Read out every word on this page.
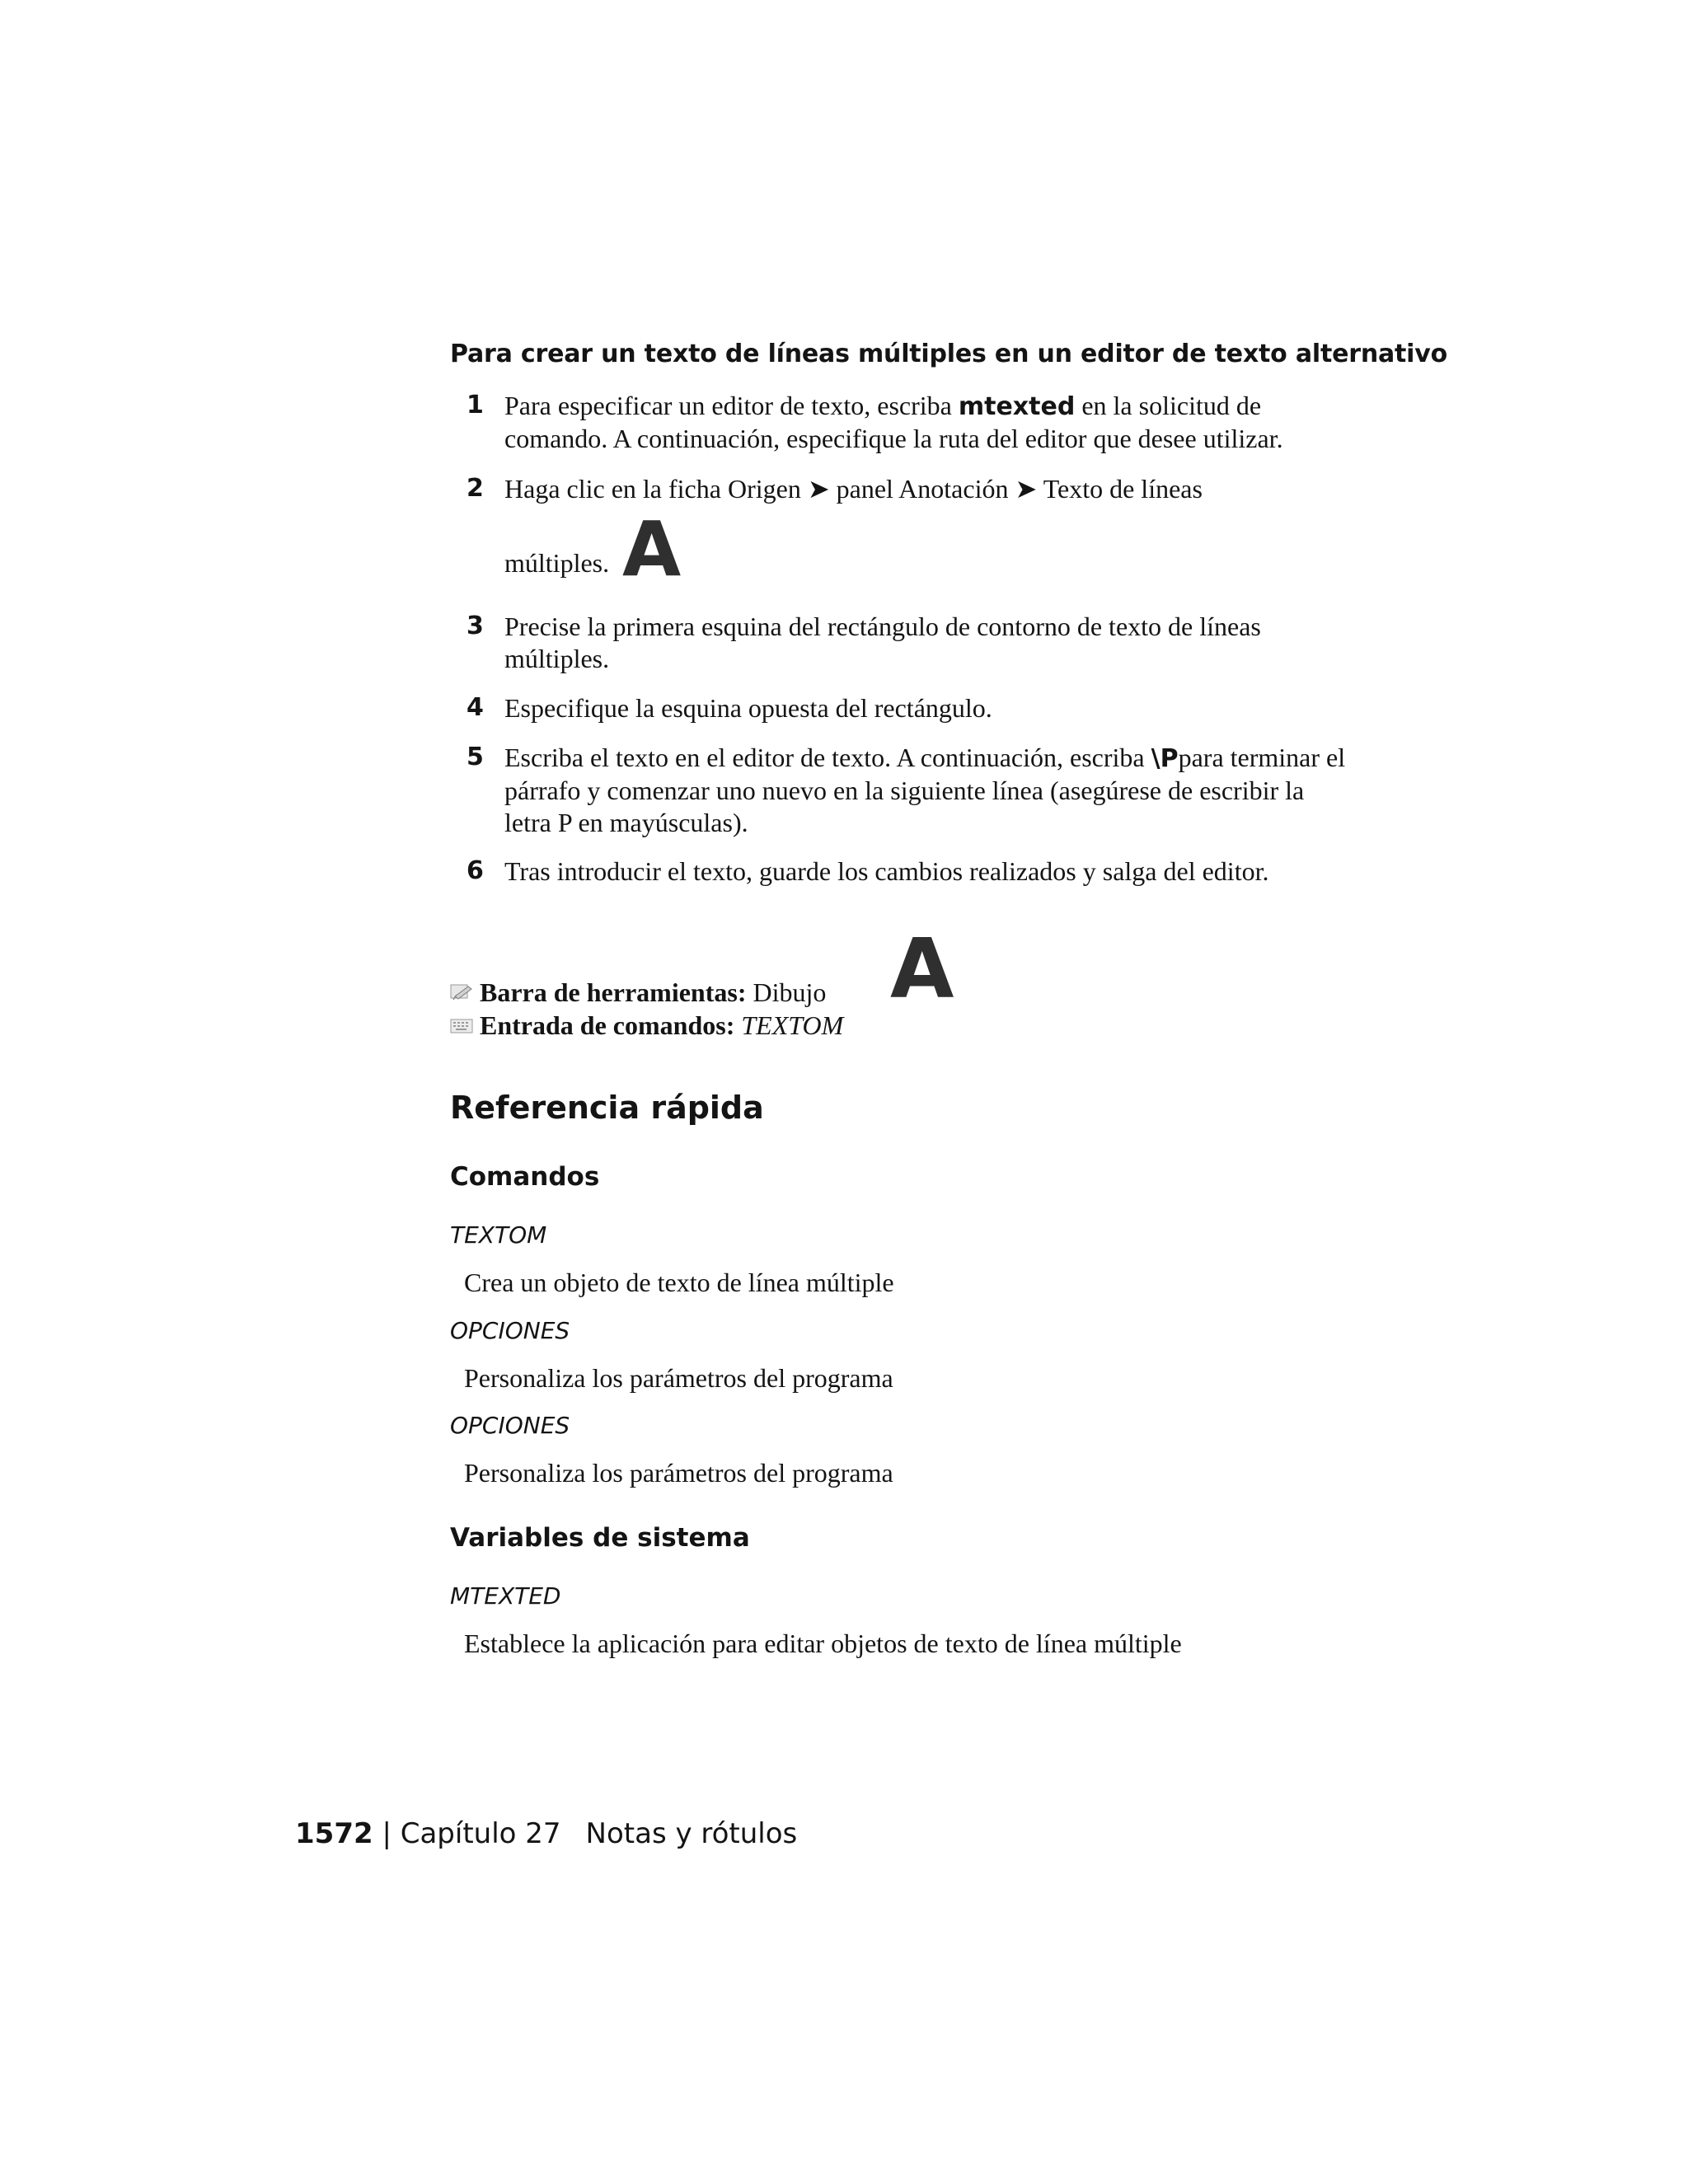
Para crear un texto de líneas múltiples en un editor de texto alternativo
1 Para especificar un editor de texto, escriba mtexted en la solicitud de comando. A continuación, especifique la ruta del editor que desee utilizar.
2 Haga clic en la ficha Origen ➤ panel Anotación ➤ Texto de líneas
múltiples. A
3 Precise la primera esquina del rectángulo de contorno de texto de líneas múltiples.
4 Especifique la esquina opuesta del rectángulo.
5 Escriba el texto en el editor de texto. A continuación, escriba \Ppara terminar el párrafo y comenzar uno nuevo en la siguiente línea (asegúrese de escribir la letra P en mayúsculas).
6 Tras introducir el texto, guarde los cambios realizados y salga del editor.
Barra de herramientas: Dibujo A
Entrada de comandos: TEXTOM
Referencia rápida
Comandos
TEXTOM
Crea un objeto de texto de línea múltiple
OPCIONES
Personaliza los parámetros del programa
OPCIONES
Personaliza los parámetros del programa
Variables de sistema
MTEXTED
Establece la aplicación para editar objetos de texto de línea múltiple
1572 | Capítulo 27 Notas y rótulos
